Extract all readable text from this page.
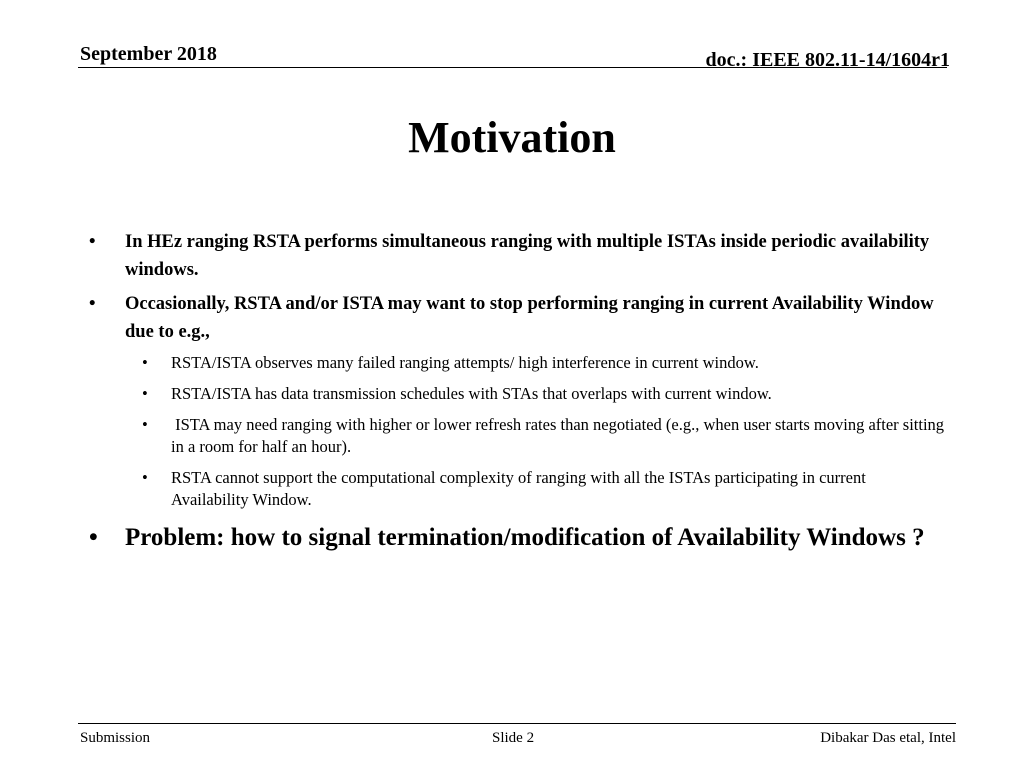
September 2018	doc.: IEEE 802.11-14/1604r1
Motivation
• In HEz ranging RSTA performs simultaneous ranging with multiple ISTAs inside periodic availability windows.
• Occasionally, RSTA and/or ISTA may want to stop performing ranging in current Availability Window due to e.g.,
• RSTA/ISTA observes many failed ranging attempts/ high interference in current window.
• RSTA/ISTA has data transmission schedules with STAs that overlaps with current window.
• ISTA may need ranging with higher or lower refresh rates than negotiated (e.g., when user starts moving after sitting in a room for half an hour).
• RSTA cannot support the computational complexity of ranging with all the ISTAs participating in current Availability Window.
• Problem: how to signal termination/modification of Availability Windows ?
Submission	Slide 2	Dibakar Das etal, Intel
